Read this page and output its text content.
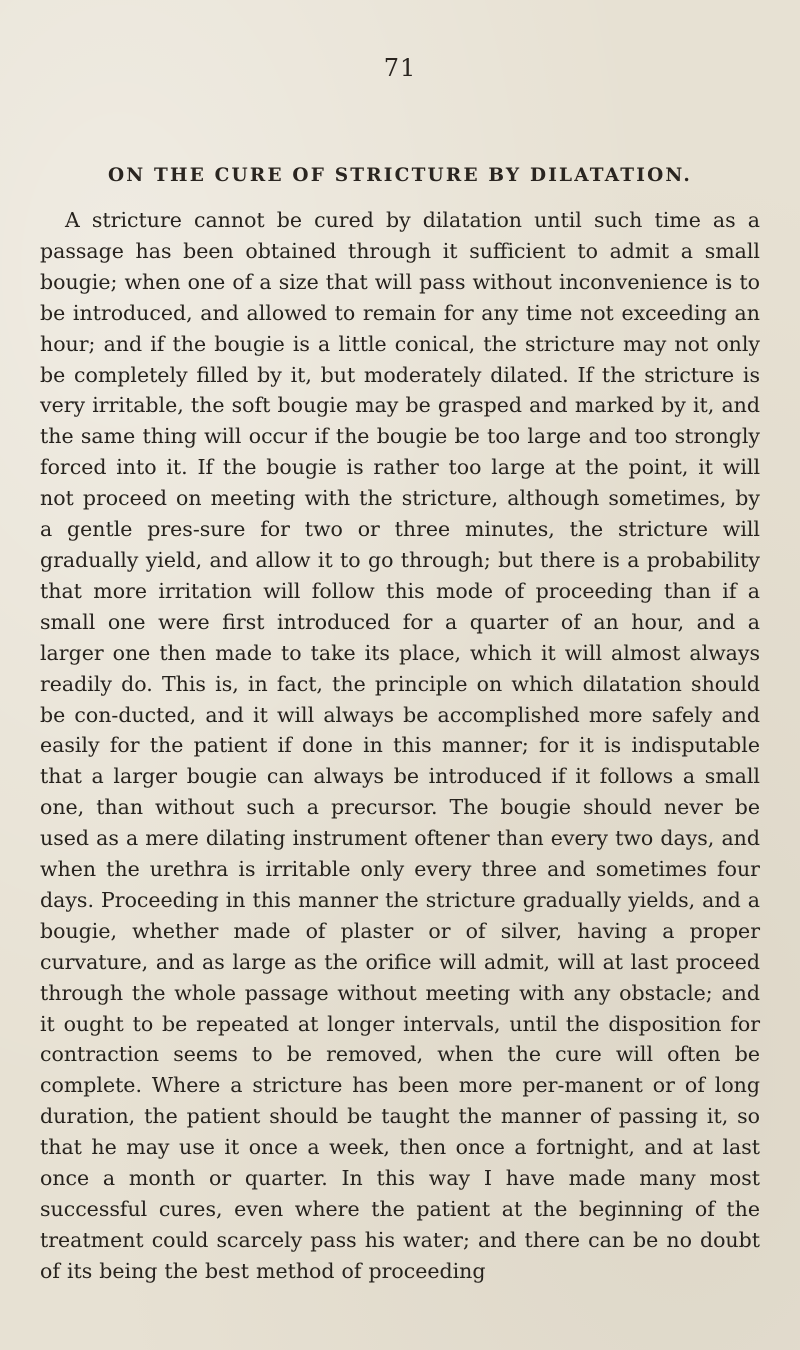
71
ON THE CURE OF STRICTURE BY DILATATION.

A stricture cannot be cured by dilatation until such time as a passage has been obtained through it sufficient to admit a small bougie; when one of a size that will pass without inconvenience is to be introduced, and allowed to remain for any time not exceeding an hour; and if the bougie is a little conical, the stricture may not only be completely filled by it, but moderately dilated. If the stricture is very irritable, the soft bougie may be grasped and marked by it, and the same thing will occur if the bougie be too large and too strongly forced into it. If the bougie is rather too large at the point, it will not proceed on meeting with the stricture, although sometimes, by a gentle pres-sure for two or three minutes, the stricture will gradually yield, and allow it to go through; but there is a probability that more irritation will follow this mode of proceeding than if a small one were first introduced for a quarter of an hour, and a larger one then made to take its place, which it will almost always readily do. This is, in fact, the principle on which dilatation should be con-ducted, and it will always be accomplished more safely and easily for the patient if done in this manner; for it is indisputable that a larger bougie can always be introduced if it follows a small one, than without such a precursor. The bougie should never be used as a mere dilating instrument oftener than every two days, and when the urethra is irritable only every three and sometimes four days. Proceeding in this manner the stricture gradually yields, and a bougie, whether made of plaster or of silver, having a proper curvature, and as large as the orifice will admit, will at last proceed through the whole passage without meeting with any obstacle; and it ought to be repeated at longer intervals, until the disposition for contraction seems to be removed, when the cure will often be complete. Where a stricture has been more per-manent or of long duration, the patient should be taught the manner of passing it, so that he may use it once a week, then once a fortnight, and at last once a month or quarter. In this way I have made many most successful cures, even where the patient at the beginning of the treatment could scarcely pass his water; and there can be no doubt of its being the best method of proceeding
